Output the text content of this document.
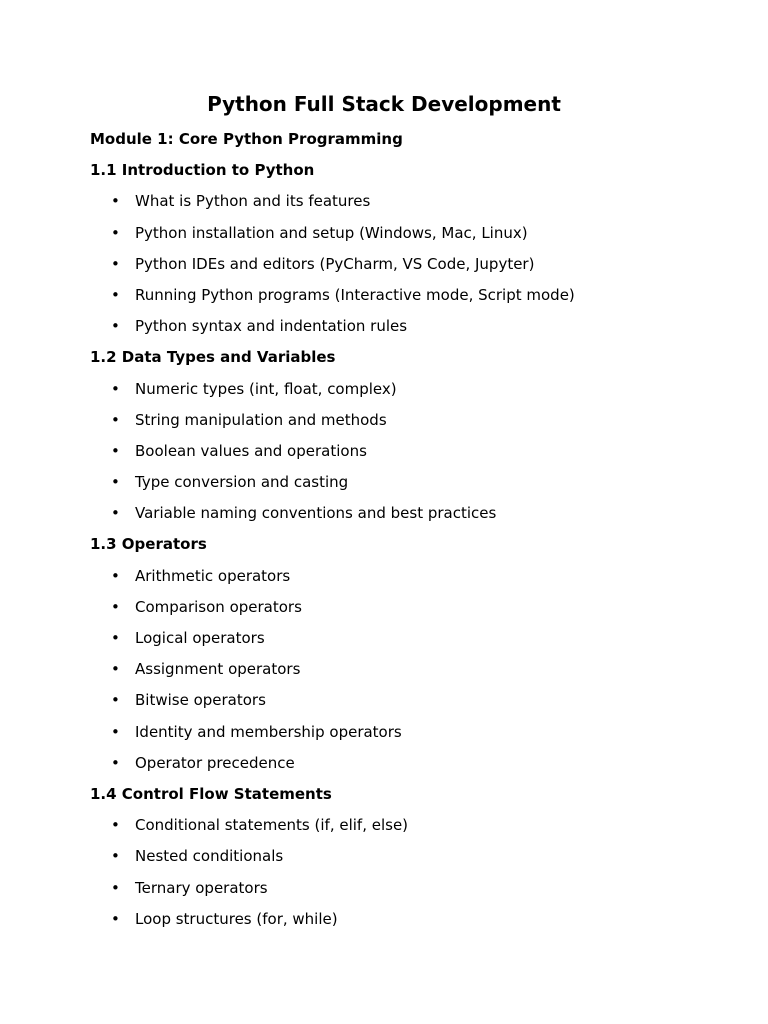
Python Full Stack Development
Module 1: Core Python Programming
1.1 Introduction to Python
• What is Python and its features
• Python installation and setup (Windows, Mac, Linux)
• Python IDEs and editors (PyCharm, VS Code, Jupyter)
• Running Python programs (Interactive mode, Script mode)
• Python syntax and indentation rules
1.2 Data Types and Variables
• Numeric types (int, float, complex)
• String manipulation and methods
• Boolean values and operations
• Type conversion and casting
• Variable naming conventions and best practices
1.3 Operators
• Arithmetic operators
• Comparison operators
• Logical operators
• Assignment operators
• Bitwise operators
• Identity and membership operators
• Operator precedence
1.4 Control Flow Statements
• Conditional statements (if, elif, else)
• Nested conditionals
• Ternary operators
• Loop structures (for, while)
